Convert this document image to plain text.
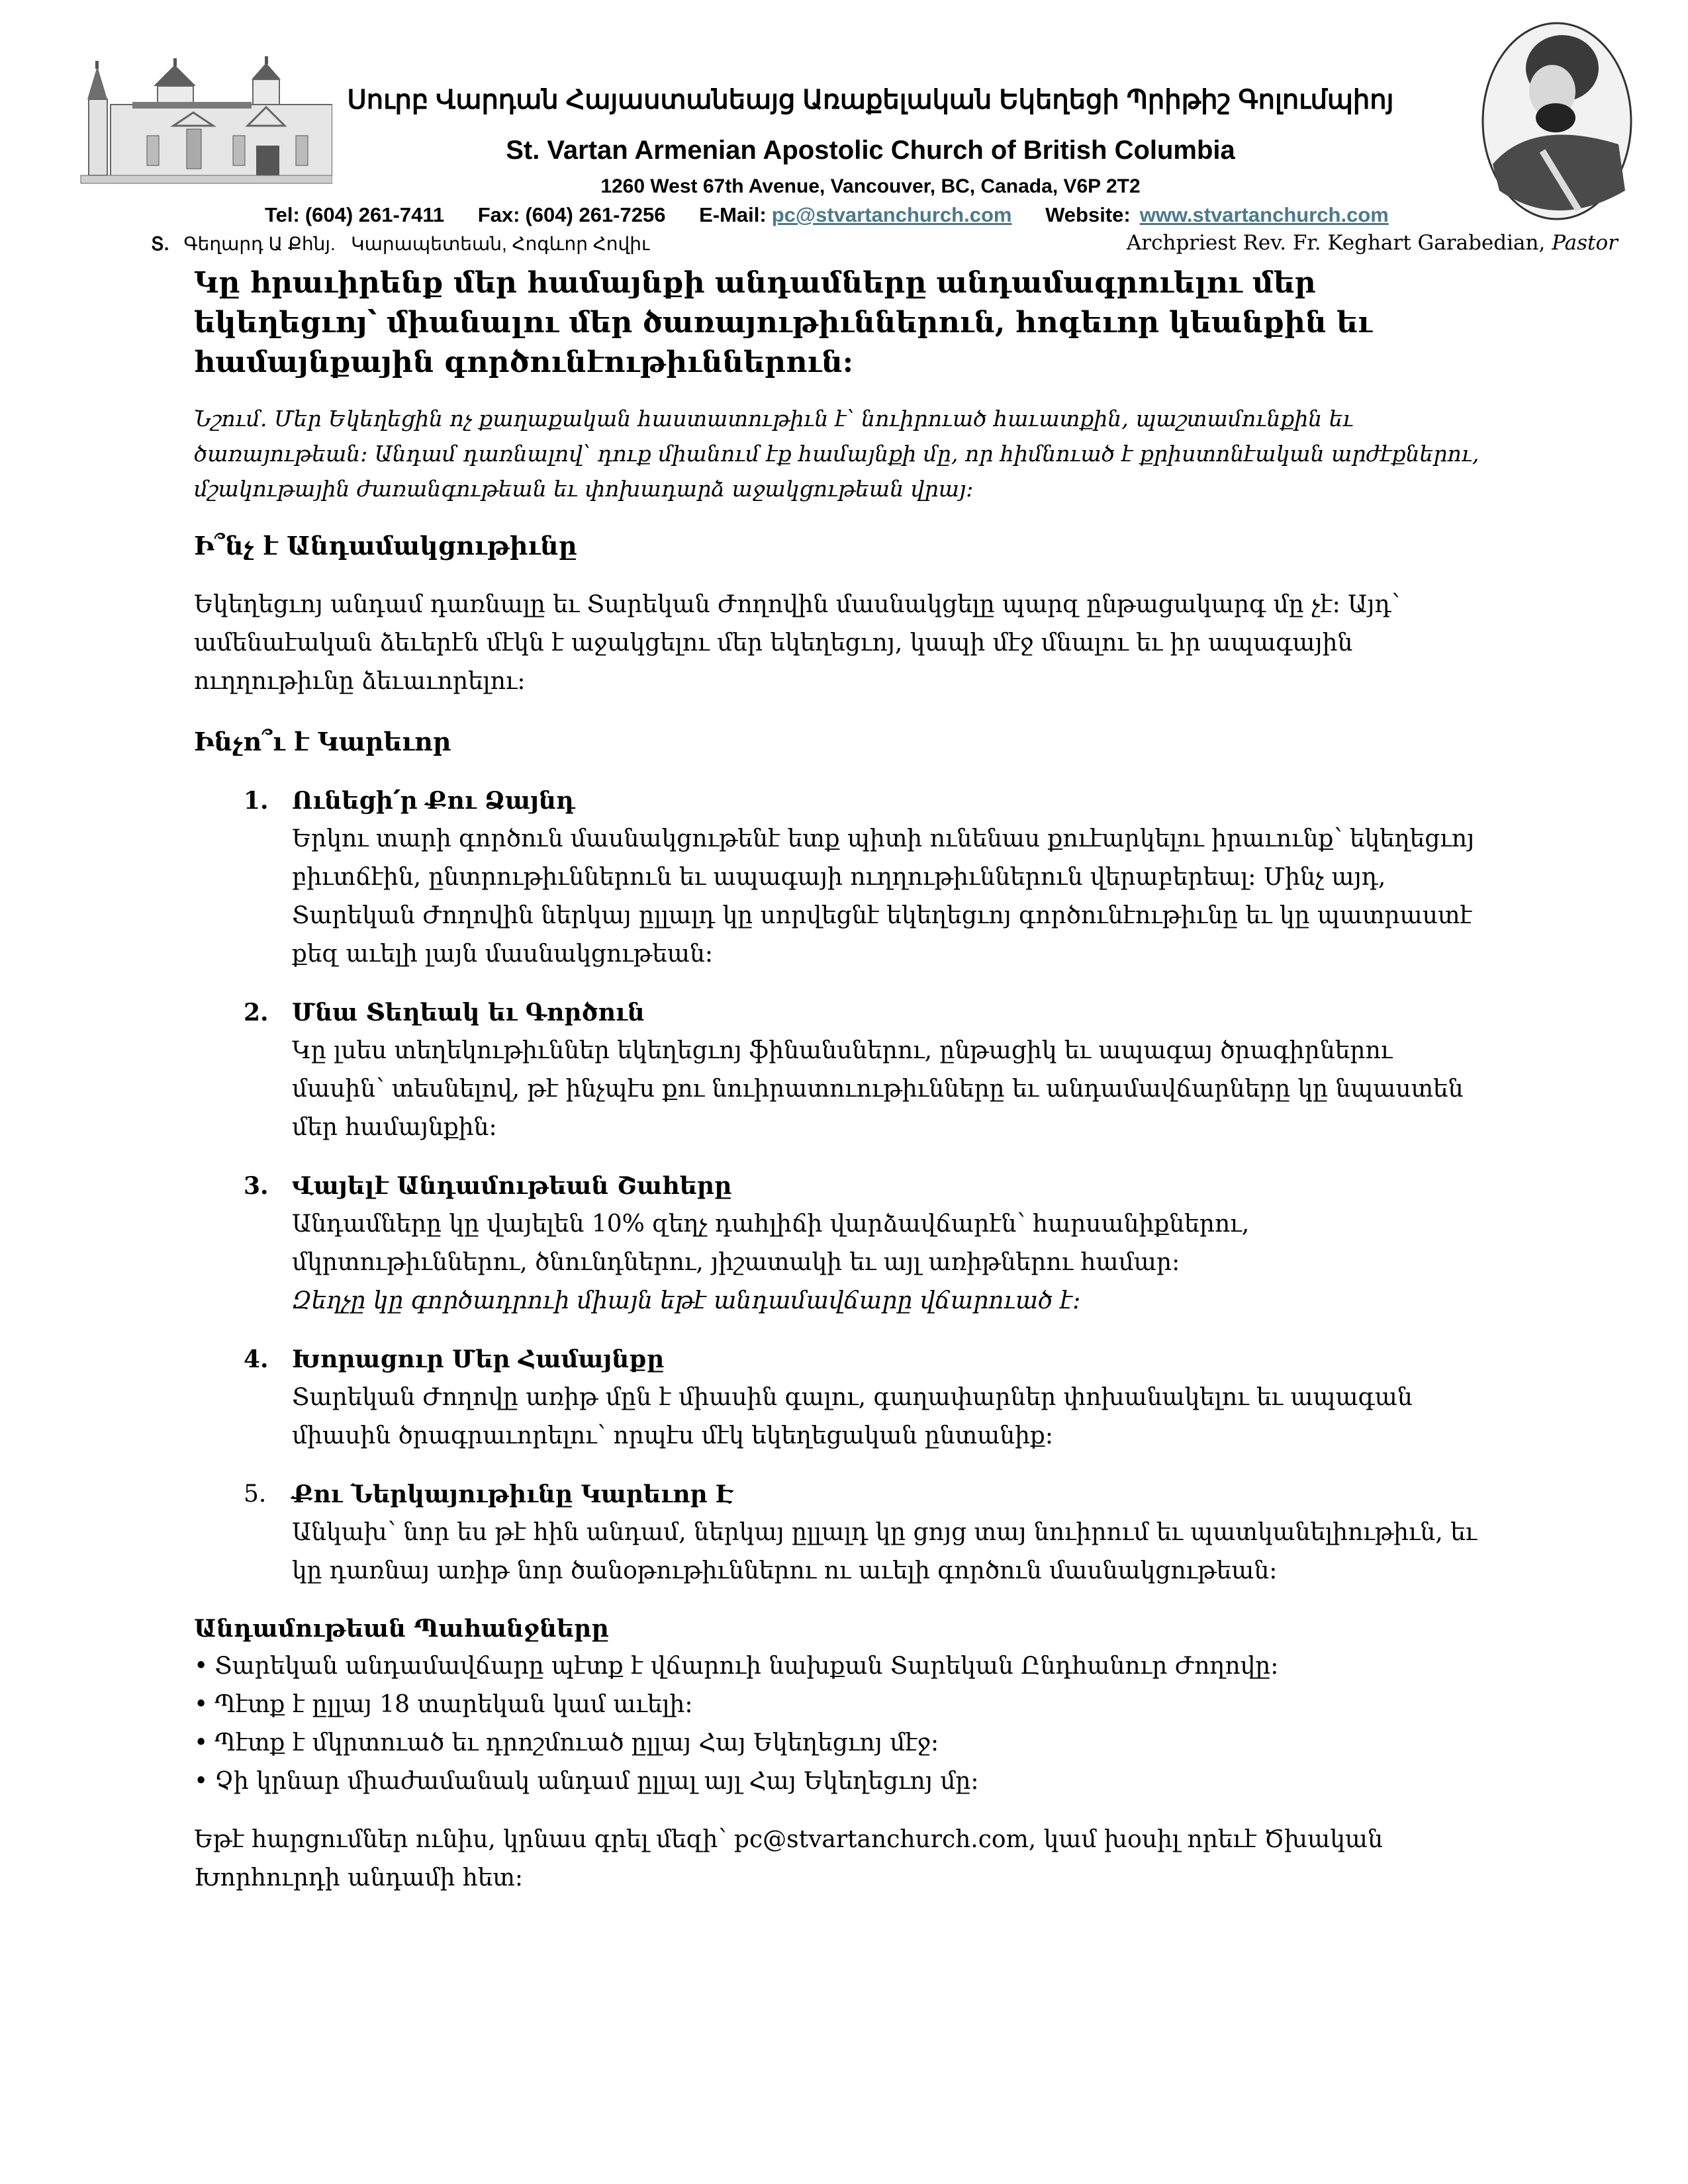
Սուրբ Վարդան Հայաստանեայց Առաքելական Եկեղեցի Պրիթիշ Գոլումպիոյ
St. Vartan Armenian Apostolic Church of British Columbia
1260 West 67th Avenue, Vancouver, BC, Canada, V6P 2T2
Tel: (604) 261-7411 Fax: (604) 261-7256 E-Mail: pc@stvartanchurch.com Website: www.stvartanchurch.com
Տ. Գեղարդ Ա Քհնյ.   Կարապետեան, Հոգևոր Հովիւ	Archpriest Rev. Fr. Keghart Garabedian, Pastor

Կը հրաւիրենք մեր համայնքի անդամները անդամագրուելու մեր եկեղեցւոյ՝ միանալու մեր ծառայութիւններուն, հոգեւոր կեանքին եւ համայնքային գործունէութիւններուն:

Նշում. Մեր Եկեղեցին ոչ քաղաքական հաստատութիւն է՝ նուիրուած հաւատքին, պաշտամունքին եւ ծառայութեան: Անդամ դառնալով՝ դուք միանում էք համայնքի մը, որ հիմնուած է քրիստոնէական արժէքներու, մշակութային ժառանգութեան եւ փոխադարձ աջակցութեան վրայ:

Ի՞նչ է Անդամակցութիւնը

Եկեղեցւոյ անդամ դառնալը եւ Տարեկան Ժողովին մասնակցելը պարզ ընթացակարգ մը չէ: Այդ՝ ամենաէական ձեւերէն մէկն է աջակցելու մեր եկեղեցւոյ, կապի մէջ մնալու եւ իր ապագային ուղղութիւնը ձեւաւորելու:

Ինչո՞ւ է Կարեւոր
1. Ունեցի՛ր Քու Ձայնդ
Երկու տարի գործուն մասնակցութենէ ետք պիտի ունենաս քուէարկելու իրաւունք՝ եկեղեցւոյ բիւտճէին, ընտրութիւններուն եւ ապագայի ուղղութիւններուն վերաբերեալ: Մինչ այդ, Տարեկան Ժողովին ներկայ ըլլալդ կը սորվեցնէ եկեղեցւոյ գործունէութիւնը եւ կը պատրաստէ քեզ աւելի լայն մասնակցութեան:
2. Մնա Տեղեակ եւ Գործուն
Կը լսես տեղեկութիւններ եկեղեցւոյ ֆինանսներու, ընթացիկ եւ ապագայ ծրագիրներու մասին՝ տեսնելով, թէ ինչպէս քու նուիրատուութիւնները եւ անդամավճարները կը նպաստեն մեր համայնքին:
3. Վայելէ Անդամութեան Շահերը
Անդամները կը վայելեն 10% զեղչ դահլիճի վարձավճարէն՝ հարսանիքներու, մկրտութիւններու, ծնունդներու, յիշատակի եւ այլ առիթներու համար:
Զեղչը կը գործադրուի միայն եթէ անդամավճարը վճարուած է:
4. Խորացուր Մեր Համայնքը
Տարեկան Ժողովը առիթ մըն է միասին գալու, գաղափարներ փոխանակելու եւ ապագան միասին ծրագրաւորելու՝ որպէս մէկ եկեղեցական ընտանիք:
5. Քու Ներկայութիւնը Կարեւոր Է
Անկախ՝ նոր ես թէ հին անդամ, ներկայ ըլլալդ կը ցոյց տայ նուիրում եւ պատկանելիութիւն, եւ կը դառնայ առիթ նոր ծանօթութիւններու ու աւելի գործուն մասնակցութեան:
Անդամութեան Պահանջները
• Տարեկան անդամավճարը պէտք է վճարուի նախքան Տարեկան Ընդհանուր Ժողովը:
• Պէտք է ըլլայ 18 տարեկան կամ աւելի:
• Պէտք է մկրտուած եւ դրոշմուած ըլլայ Հայ Եկեղեցւոյ մէջ:
• Չի կրնար միաժամանակ անդամ ըլլալ այլ Հայ Եկեղեցւոյ մը:

Եթէ հարցումներ ունիս, կրնաս գրել մեզի՝ pc@stvartanchurch.com, կամ խօսիլ որեւէ Ծխական Խորհուրդի անդամի հետ:
